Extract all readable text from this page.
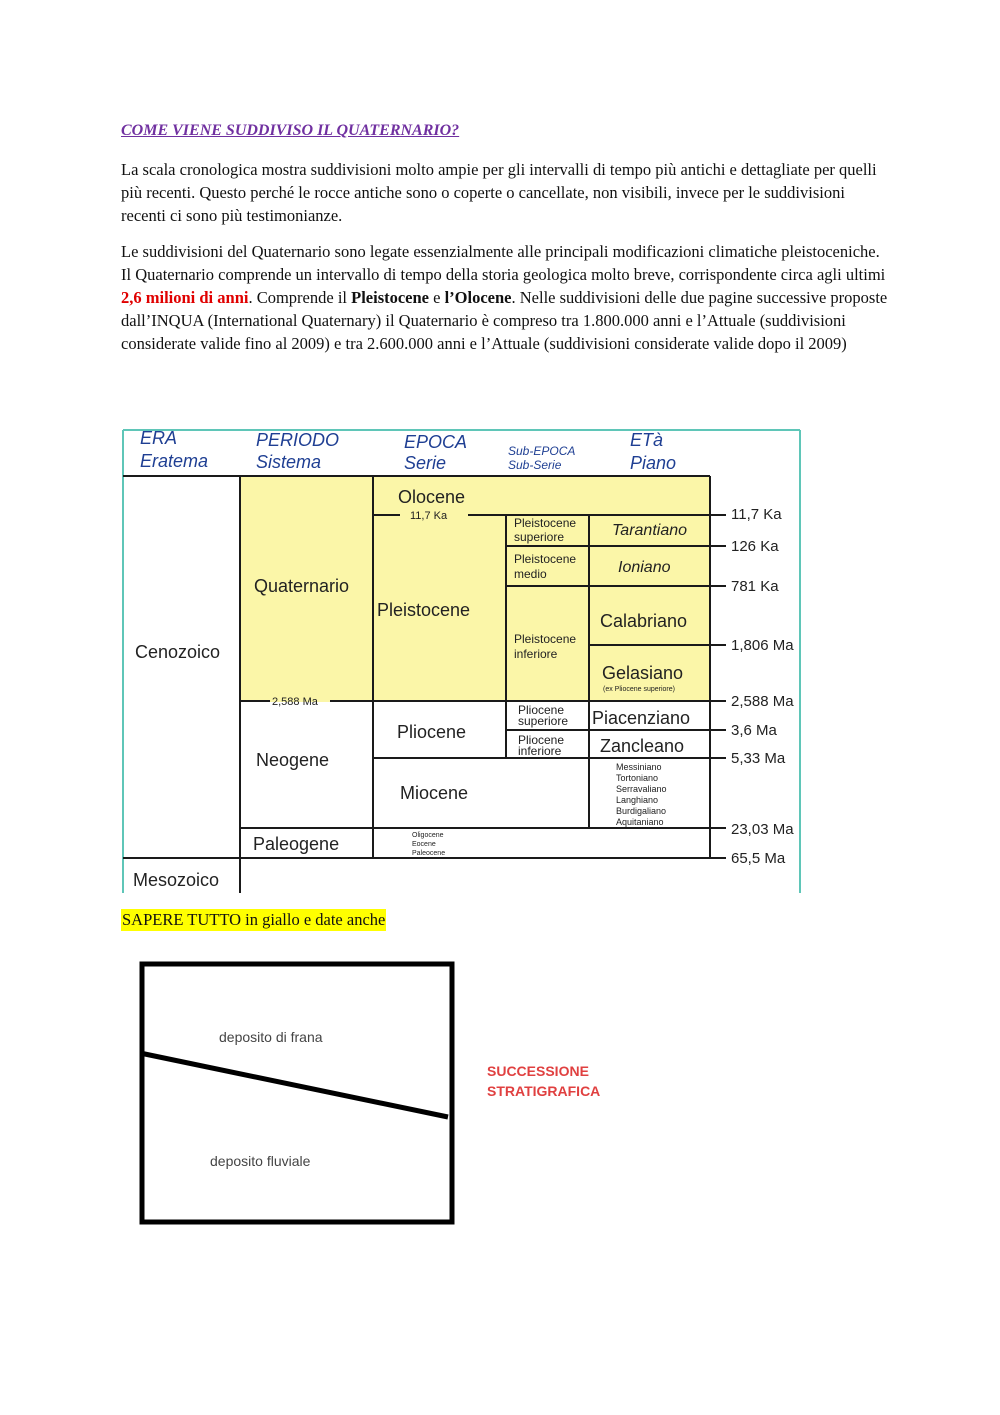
COME VIENE SUDDIVISO IL QUATERNARIO?

La scala cronologica mostra suddivisioni molto ampie per gli intervalli di tempo più antichi e dettagliate per quelli più recenti. Questo perché le rocce antiche sono o coperte o cancellate, non visibili, invece per le suddivisioni recenti ci sono più testimonianze.

Le suddivisioni del Quaternario sono legate essenzialmente alle principali modificazioni climatiche pleistoceniche. Il Quaternario comprende un intervallo di tempo della storia geologica molto breve, corrispondente circa agli ultimi 2,6 milioni di anni. Comprende il Pleistocene e l’Olocene. Nelle suddivisioni delle due pagine successive proposte dall’INQUA (International Quaternary) il Quaternario è compreso tra 1.800.000 anni e l’Attuale (suddivisioni considerate valide fino al 2009) e tra 2.600.000 anni e l’Attuale (suddivisioni considerate valide dopo il 2009)

ERA
Eratema
PERIODO
Sistema
EPOCA
Serie
Sub-EPOCA
Sub-Serie
ETà
Piano
Cenozoico
Mesozoico
Quaternario
Neogene
Paleogene
2,588 Ma
Olocene
11,7 Ka
Pleistocene
Pliocene
Miocene
Pleistocene
superiore
Pleistocene
medio
Pleistocene
inferiore
Pliocene
superiore
Pliocene
inferiore
Tarantiano
Ioniano
Calabriano
Gelasiano
(ex Pliocene superiore)
Piacenziano
Zancleano
Messiniano
Tortoniano
Serravaliano
Langhiano
Burdigaliano
Aquitaniano
Oligocene
Eocene
Paleocene
11,7 Ka
126 Ka
781 Ka
1,806 Ma
2,588 Ma
3,6 Ma
5,33 Ma
23,03 Ma
65,5 Ma
SAPERE TUTTO in giallo e date anche
deposito di frana
deposito fluviale
SUCCESSIONE
STRATIGRAFICA
